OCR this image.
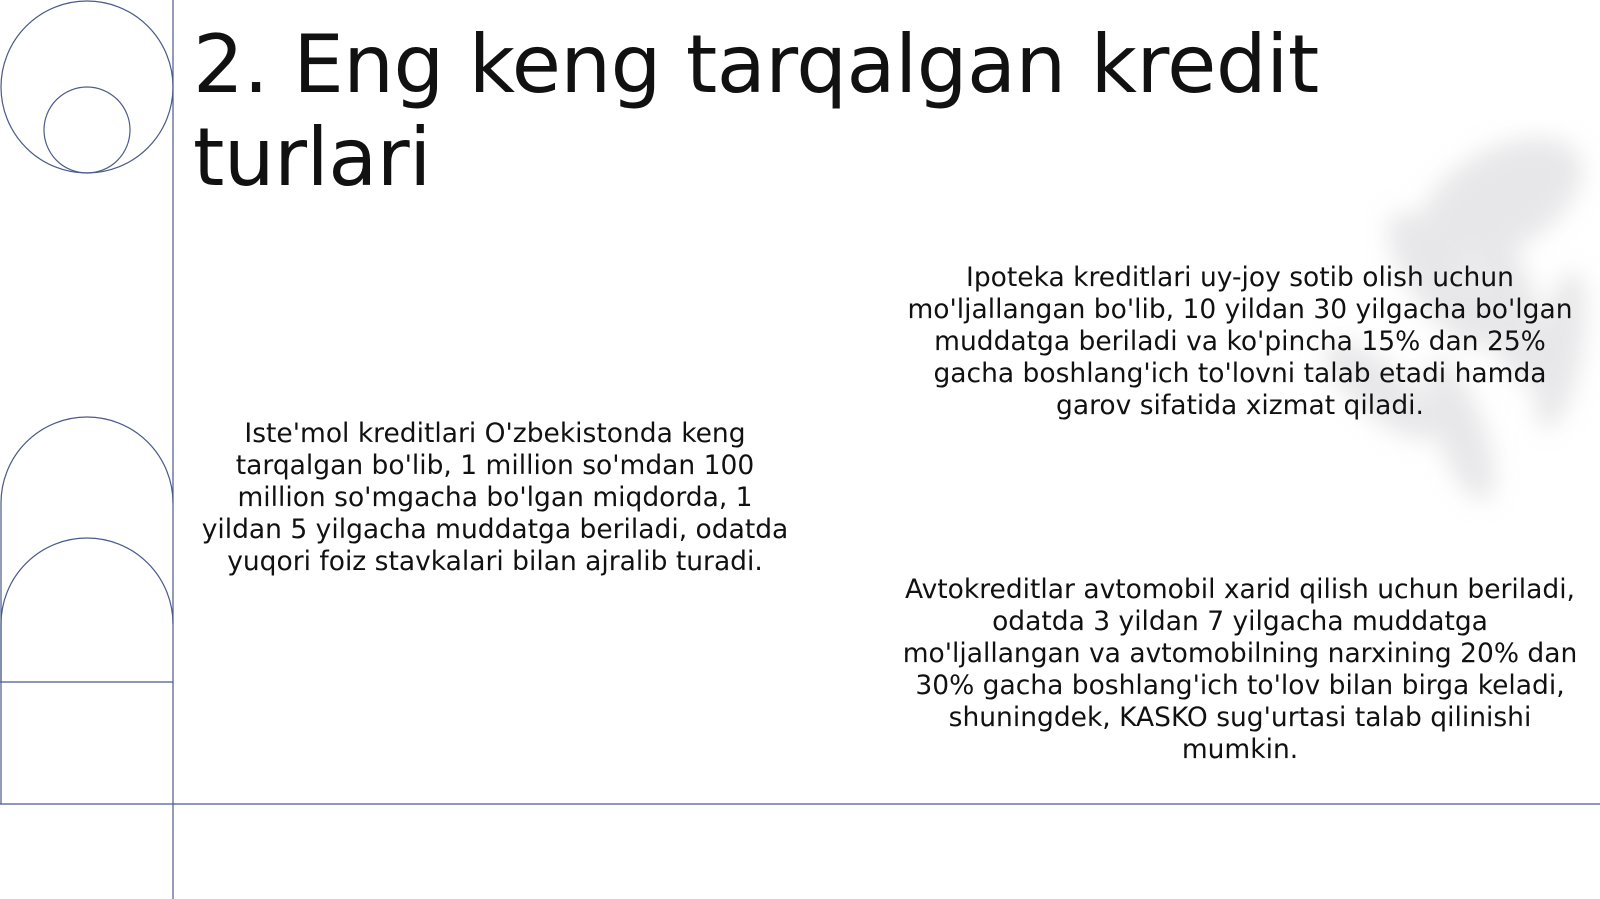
2. Eng keng tarqalgan kredit turlari

Iste'mol kreditlari O'zbekistonda keng tarqalgan bo'lib, 1 million so'mdan 100 million so'mgacha bo'lgan miqdorda, 1 yildan 5 yilgacha muddatga beriladi, odatda yuqori foiz stavkalari bilan ajralib turadi.

Ipoteka kreditlari uy-joy sotib olish uchun mo'ljallangan bo'lib, 10 yildan 30 yilgacha bo'lgan muddatga beriladi va ko'pincha 15% dan 25% gacha boshlang'ich to'lovni talab etadi hamda garov sifatida xizmat qiladi.

Avtokreditlar avtomobil xarid qilish uchun beriladi, odatda 3 yildan 7 yilgacha muddatga mo'ljallangan va avtomobilning narxining 20% dan 30% gacha boshlang'ich to'lov bilan birga keladi, shuningdek, KASKO sug'urtasi talab qilinishi mumkin.
